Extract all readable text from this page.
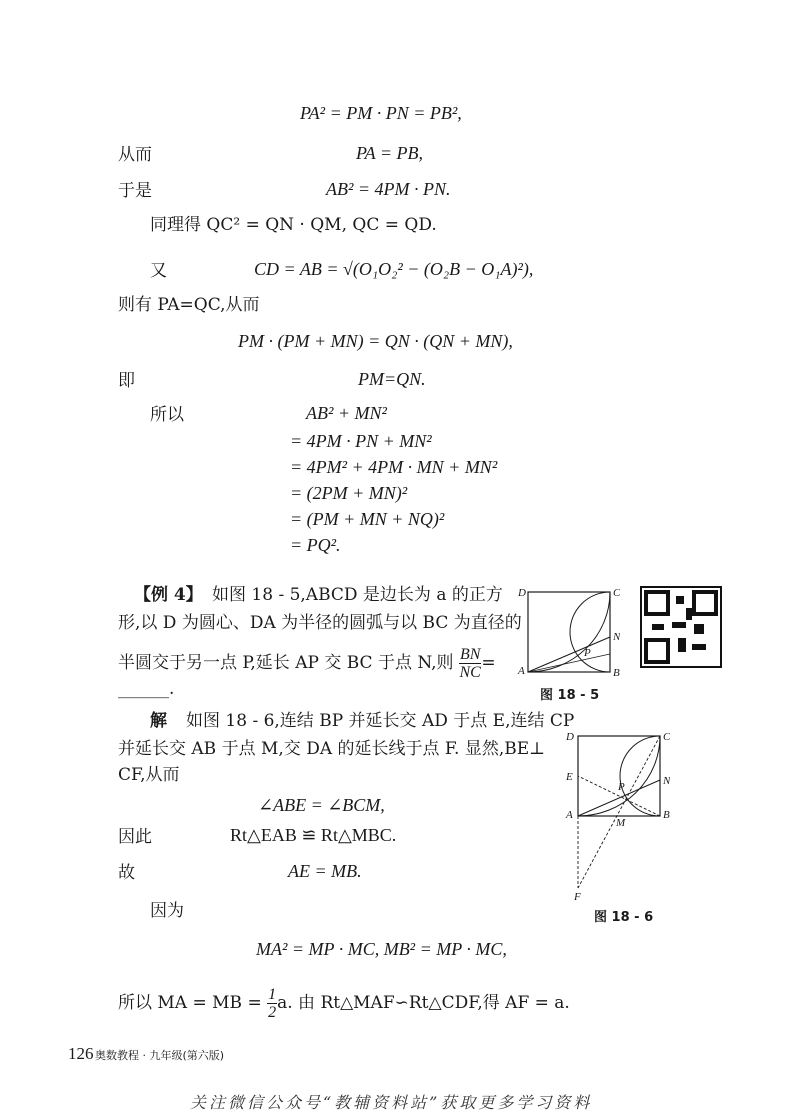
PA² = PM · PN = PB²,
从而	PA = PB,
于是	AB² = 4PM · PN.
同理得 QC² = QN · QM, QC = QD.
又	CD = AB = √(O₁O₂² − (O₂B − O₁A)²),
则有 PA=QC,从而
PM · (PM + MN) = QN · (QN + MN),
即	PM=QN.
所以	AB² + MN²
= 4PM · PN + MN²
= 4PM² + 4PM · MN + MN²
= (2PM + MN)²
= (PM + MN + NQ)²
= PQ².
【例 4】 如图 18 - 5,ABCD 是边长为 a 的正方
形,以 D 为圆心、DA 为半径的圆弧与以 BC 为直径的
半圆交于另一点 P,延长 AP 交 BC 于点 N,则 $\frac{BN}{NC}$ =
______.
D	C
N
P
A	B
图 18 - 5
解 如图 18 - 6,连结 BP 并延长交 AD 于点 E,连结 CP
并延长交 AB 于点 M,交 DA 的延长线于点 F. 显然,BE⊥
CF,从而
∠ABE = ∠BCM,
因此	Rt△EAB ≌ Rt△MBC.
故	AE = MB.
因为
MA² = MP · MC, MB² = MP · MC,
所以 MA = MB = $\frac{1}{2} a$. 由 Rt△MAF∽Rt△CDF,得 AF = a.
D	C
E	N
P
A
M
B
F
图 18 - 6
126 奥数教程 · 九年级(第六版)
关注微信公众号“教辅资料站”获取更多学习资料
